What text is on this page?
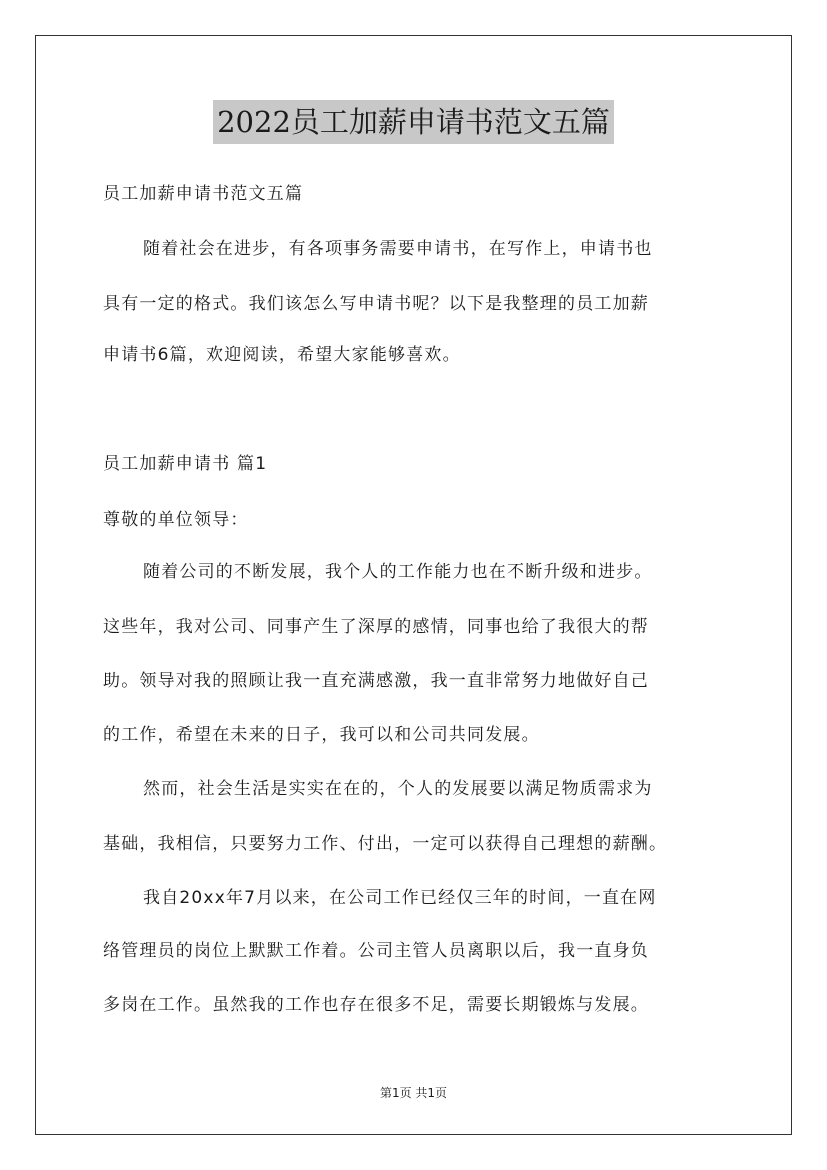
2022员工加薪申请书范文五篇
员工加薪申请书范文五篇
随着社会在进步，有各项事务需要申请书，在写作上，申请书也
具有一定的格式。我们该怎么写申请书呢？以下是我整理的员工加薪
申请书6篇，欢迎阅读，希望大家能够喜欢。
员工加薪申请书 篇1
尊敬的单位领导：
随着公司的不断发展，我个人的工作能力也在不断升级和进步。
这些年，我对公司、同事产生了深厚的感情，同事也给了我很大的帮
助。领导对我的照顾让我一直充满感激，我一直非常努力地做好自己
的工作，希望在未来的日子，我可以和公司共同发展。
然而，社会生活是实实在在的，个人的发展要以满足物质需求为
基础，我相信，只要努力工作、付出，一定可以获得自己理想的薪酬。
我自20xx年7月以来，在公司工作已经仅三年的时间，一直在网
络管理员的岗位上默默工作着。公司主管人员离职以后，我一直身负
多岗在工作。虽然我的工作也存在很多不足，需要长期锻炼与发展。
第1页 共1页
